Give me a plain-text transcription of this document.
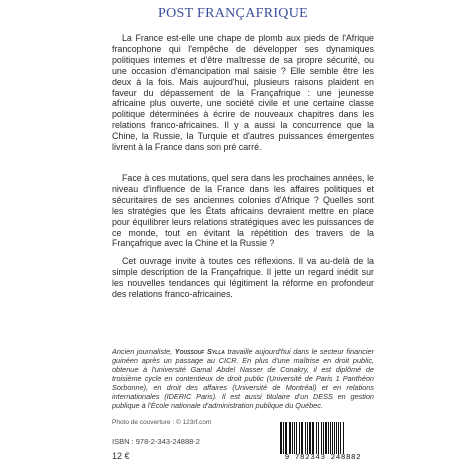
POST FRANÇAFRIQUE

La France est-elle une chape de plomb aux pieds de l'Afrique francophone qui l'empêche de développer ses dynamiques politiques internes et d'être maîtresse de sa propre sécurité, ou une occasion d'émancipation mal saisie ? Elle semble être les deux à la fois. Mais aujourd'hui, plusieurs raisons plaident en faveur du dépassement de la Françafrique : une jeunesse africaine plus ouverte, une société civile et une certaine classe politique déterminées à écrire de nouveaux chapitres dans les relations franco-africaines. Il y a aussi la concurrence que la Chine, la Russie, la Turquie et d'autres puissances émergentes livrent à la France dans son pré carré.

Face à ces mutations, quel sera dans les prochaines années, le niveau d'influence de la France dans les affaires politiques et sécuritaires de ses anciennes colonies d'Afrique ? Quelles sont les stratégies que les États africains devraient mettre en place pour équilibrer leurs relations stratégiques avec les puissances de ce monde, tout en évitant la répétition des travers de la Françafrique avec la Chine et la Russie ?

Cet ouvrage invite à toutes ces réflexions. Il va au-delà de la simple description de la Françafrique. Il jette un regard inédit sur les nouvelles tendances qui légitiment la réforme en profondeur des relations franco-africaines.

Ancien journaliste, Youssouf Sylla travaille aujourd'hui dans le secteur financier guinéen après un passage au CICR. En plus d'une maîtrise en droit public, obtenue à l'université Gamal Abdel Nasser de Conakry, il est diplômé de troisième cycle en contentieux de droit public (Université de Paris 1 Panthéon Sorbonne), en droit des affaires (Université de Montréal) et en relations internationales (IDERIC Paris). Il est aussi titulaire d'un DESS en gestion publique à l'École nationale d'administration publique du Québec.
Photo de couverture : © 123rf.com
ISBN : 978-2-343-24888-2
12 €	9 782343 248882
